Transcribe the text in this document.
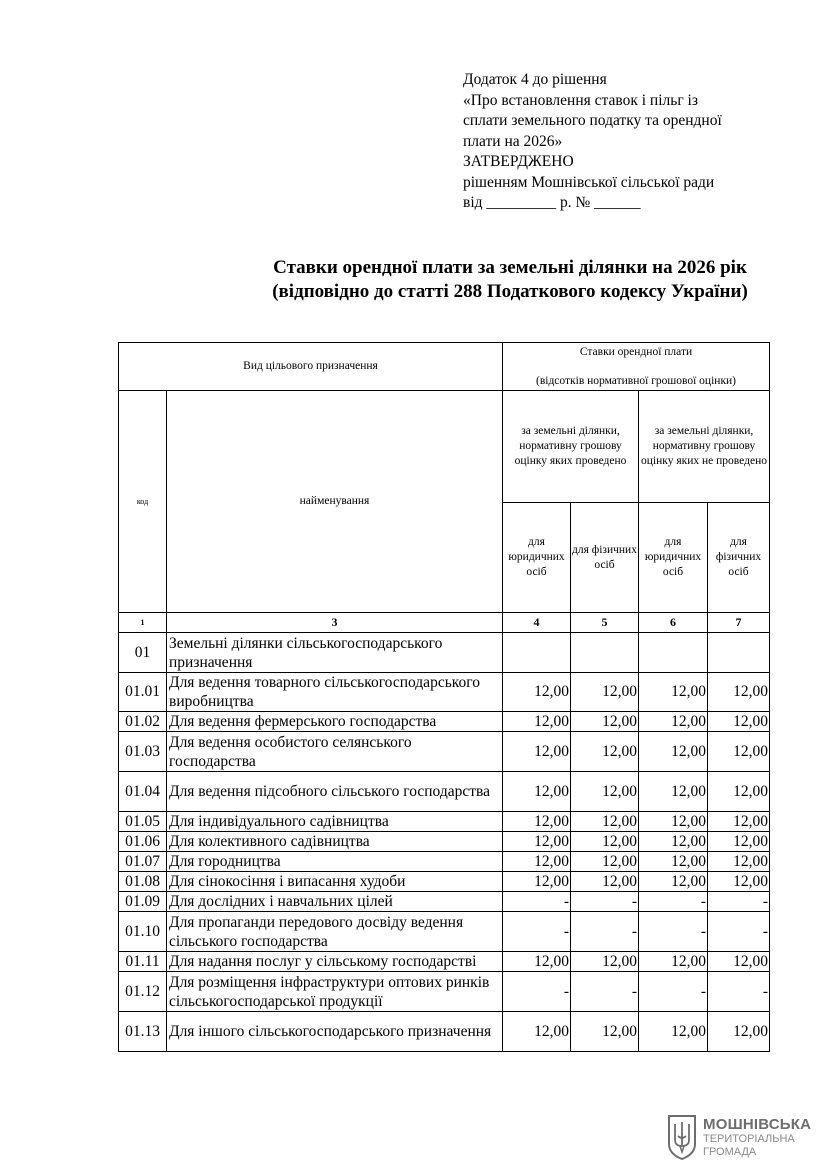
Додаток 4 до рішення
«Про встановлення ставок і пільг із
сплати земельного податку та орендної
плати на 2026»
ЗАТВЕРДЖЕНО
рішенням Мошнівської сільської ради
від _________ р. № ______
Ставки орендної плати за земельні ділянки на 2026 рік
(відповідно до статті 288 Податкового кодексу України)
Вид цільового призначення		Ставки орендної плати
(відсотків нормативної грошової оцінки)			

код	найменування	за земельні ділянки, нормативну грошову оцінку яких проведено		за земельні ділянки, нормативну грошову оцінку яких не проведено	
		для юридичних осіб	для фізичних осіб	для юридичних осіб	для фізичних осіб
1	3	4	5	6	7
01	Земельні ділянки сільськогосподарського призначення				
01.01	Для ведення товарного сільськогосподарського виробництва	12,00	12,00	12,00	12,00
01.02	Для ведення фермерського господарства	12,00	12,00	12,00	12,00
01.03	Для ведення особистого селянського господарства	12,00	12,00	12,00	12,00
01.04	Для ведення підсобного сільського господарства	12,00	12,00	12,00	12,00
01.05	Для індивідуального садівництва	12,00	12,00	12,00	12,00
01.06	Для колективного садівництва	12,00	12,00	12,00	12,00
01.07	Для городництва	12,00	12,00	12,00	12,00
01.08	Для сінокосіння і випасання худоби	12,00	12,00	12,00	12,00
01.09	Для дослідних і навчальних цілей	-	-	-	-
01.10	Для пропаганди передового досвіду ведення сільського господарства	-	-	-	-
01.11	Для надання послуг у сільському господарстві	12,00	12,00	12,00	12,00
01.12	Для розміщення інфраструктури оптових ринків сільськогосподарської продукції	-	-	-	-
01.13	Для іншого сільськогосподарського призначення	12,00	12,00	12,00	12,00
МОШНІВСЬКА
ТЕРИТОРІАЛЬНА
ГРОМАДА
